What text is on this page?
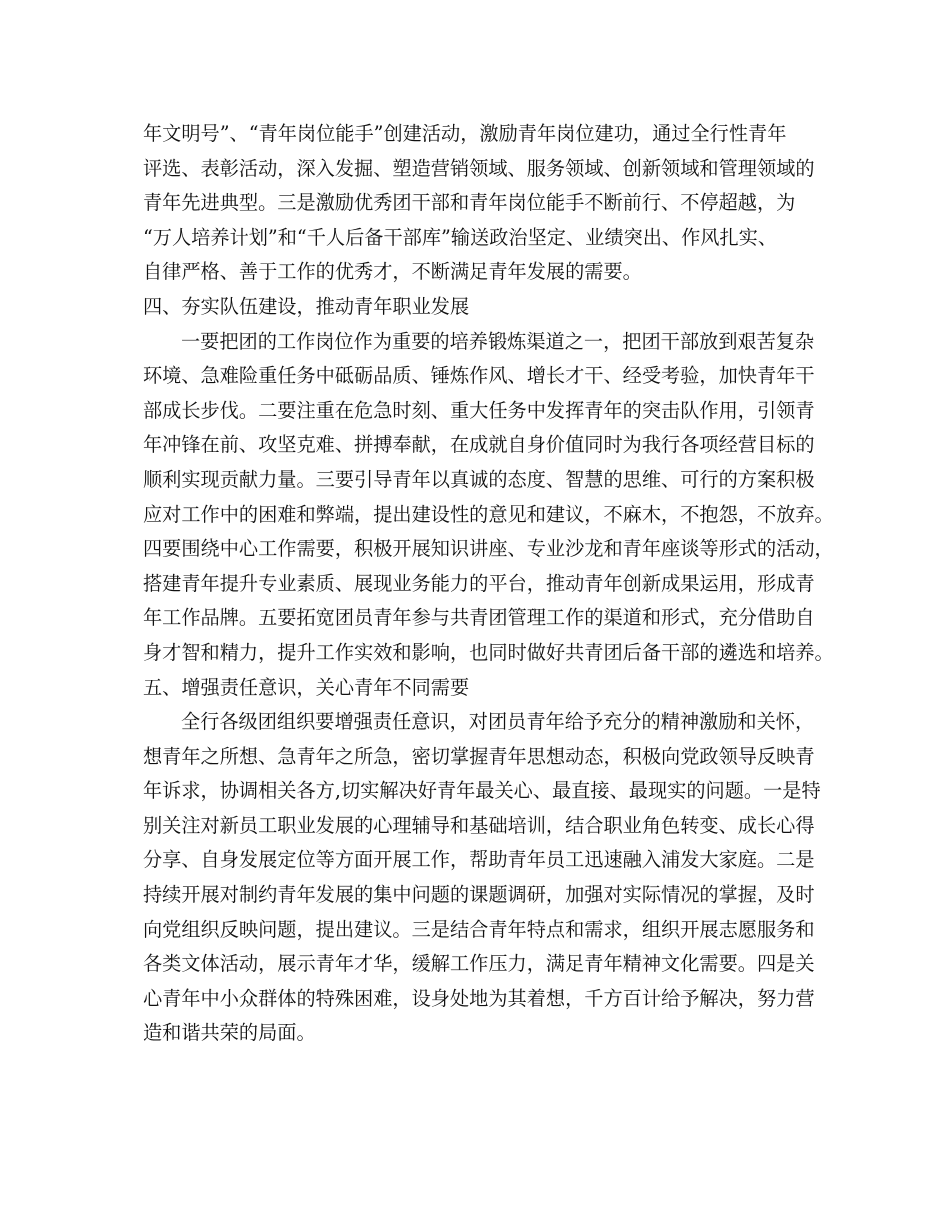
年文明号”、“青年岗位能手”创建活动，激励青年岗位建功，通过全行性青年
评选、表彰活动，深入发掘、塑造营销领域、服务领域、创新领域和管理领域的
青年先进典型。三是激励优秀团干部和青年岗位能手不断前行、不停超越，为
“万人培养计划”和“千人后备干部库”输送政治坚定、业绩突出、作风扎实、
自律严格、善于工作的优秀才，不断满足青年发展的需要。

四、夯实队伍建设，推动青年职业发展

一要把团的工作岗位作为重要的培养锻炼渠道之一，把团干部放到艰苦复杂
环境、急难险重任务中砥砺品质、锤炼作风、增长才干、经受考验，加快青年干
部成长步伐。二要注重在危急时刻、重大任务中发挥青年的突击队作用，引领青
年冲锋在前、攻坚克难、拼搏奉献，在成就自身价值同时为我行各项经营目标的
顺利实现贡献力量。三要引导青年以真诚的态度、智慧的思维、可行的方案积极
应对工作中的困难和弊端，提出建设性的意见和建议，不麻木，不抱怨，不放弃。
四要围绕中心工作需要，积极开展知识讲座、专业沙龙和青年座谈等形式的活动，
搭建青年提升专业素质、展现业务能力的平台，推动青年创新成果运用，形成青
年工作品牌。五要拓宽团员青年参与共青团管理工作的渠道和形式，充分借助自
身才智和精力，提升工作实效和影响，也同时做好共青团后备干部的遴选和培养。

五、增强责任意识，关心青年不同需要

全行各级团组织要增强责任意识，对团员青年给予充分的精神激励和关怀，
想青年之所想、急青年之所急，密切掌握青年思想动态，积极向党政领导反映青
年诉求，协调相关各方,切实解决好青年最关心、最直接、最现实的问题。一是特
别关注对新员工职业发展的心理辅导和基础培训，结合职业角色转变、成长心得
分享、自身发展定位等方面开展工作，帮助青年员工迅速融入浦发大家庭。二是
持续开展对制约青年发展的集中问题的课题调研，加强对实际情况的掌握，及时
向党组织反映问题，提出建议。三是结合青年特点和需求，组织开展志愿服务和
各类文体活动，展示青年才华，缓解工作压力，满足青年精神文化需要。四是关
心青年中小众群体的特殊困难，设身处地为其着想，千方百计给予解决，努力营
造和谐共荣的局面。
